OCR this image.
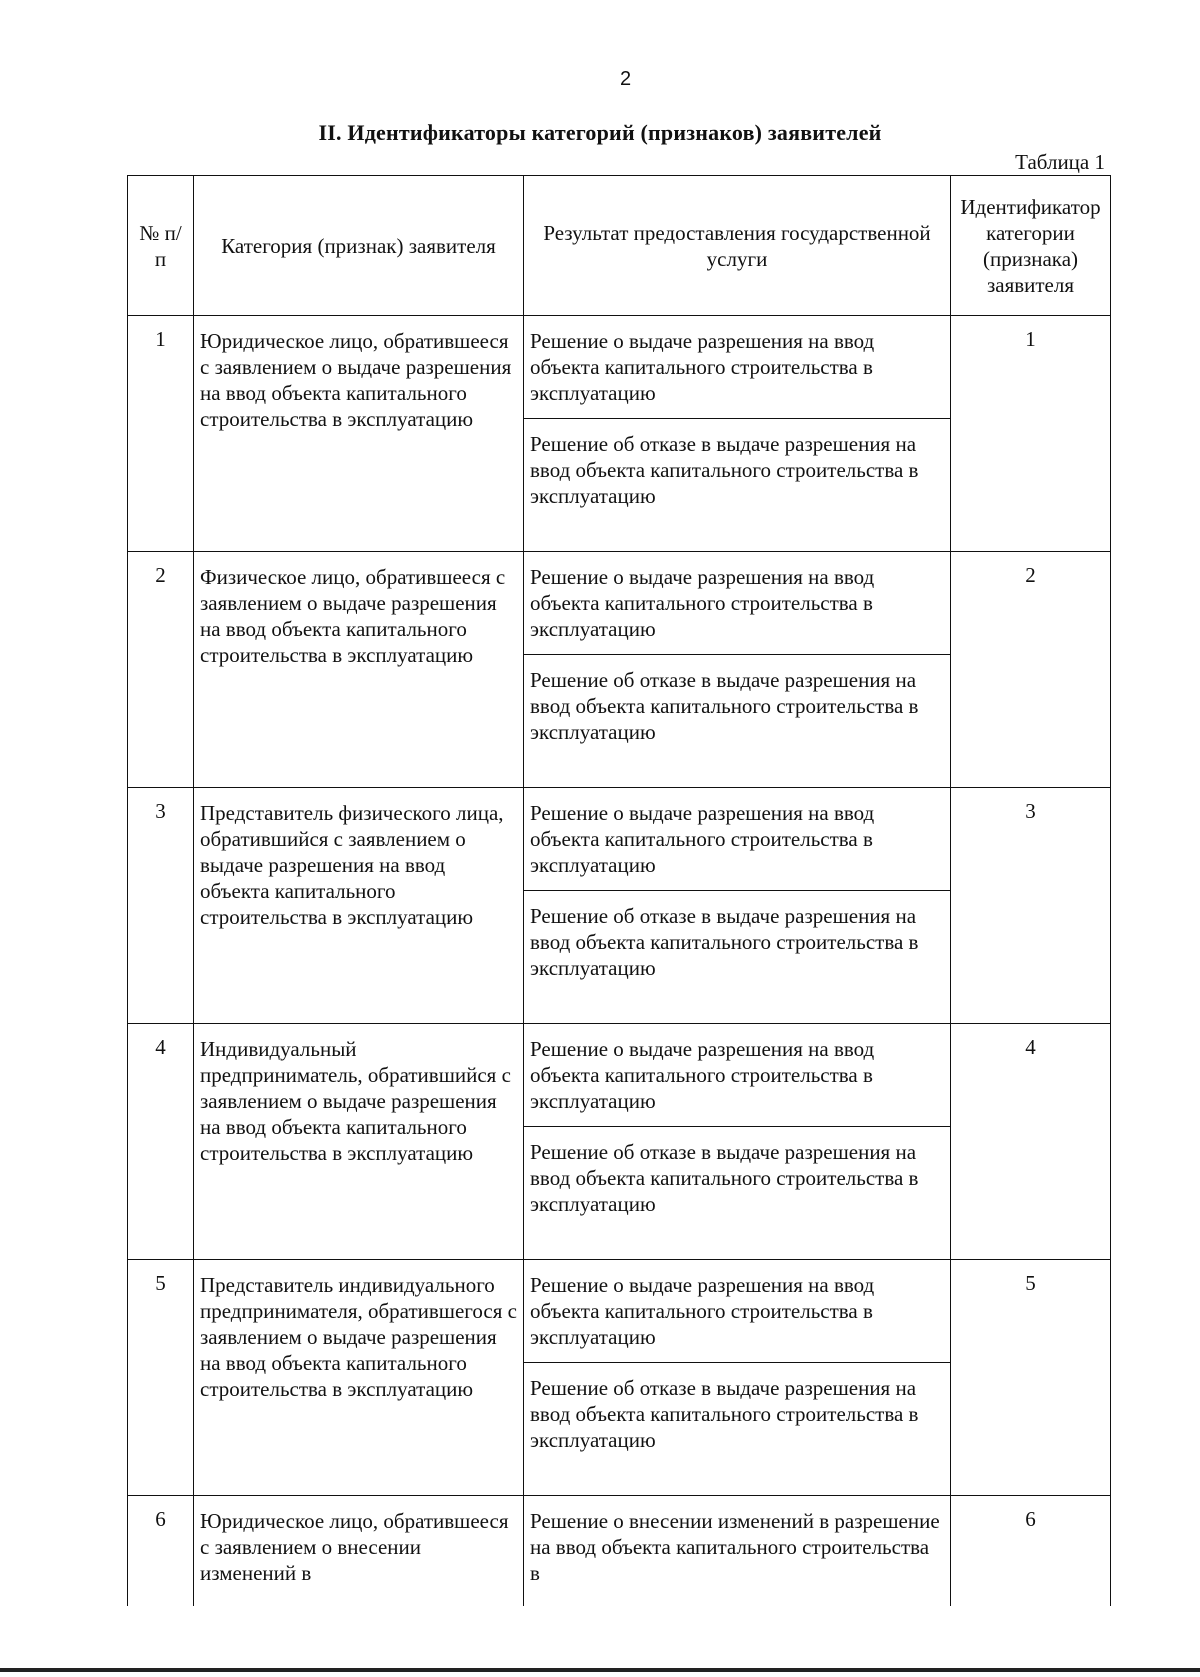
2
II. Идентификаторы категорий (признаков) заявителей
Таблица 1
№ п/п	Категория (признак) заявителя	Результат предоставления государственной услуги	Идентификатор категории (признака) заявителя
1	Юридическое лицо, обратившееся с заявлением о выдаче разрешения на ввод объекта капитального строительства в эксплуатацию	Решение о выдаче разрешения на ввод объекта капитального строительства в эксплуатацию	1
		Решение об отказе в выдаче разрешения на ввод объекта капитального строительства в эксплуатацию	
2	Физическое лицо, обратившееся с заявлением о выдаче разрешения на ввод объекта капитального строительства в эксплуатацию	Решение о выдаче разрешения на ввод объекта капитального строительства в эксплуатацию	2
		Решение об отказе в выдаче разрешения на ввод объекта капитального строительства в эксплуатацию	
3	Представитель физического лица, обратившийся с заявлением о выдаче разрешения на ввод объекта капитального строительства в эксплуатацию	Решение о выдаче разрешения на ввод объекта капитального строительства в эксплуатацию	3
		Решение об отказе в выдаче разрешения на ввод объекта капитального строительства в эксплуатацию	
4	Индивидуальный предприниматель, обратившийся с заявлением о выдаче разрешения на ввод объекта капитального строительства в эксплуатацию	Решение о выдаче разрешения на ввод объекта капитального строительства в эксплуатацию	4
		Решение об отказе в выдаче разрешения на ввод объекта капитального строительства в эксплуатацию	
5	Представитель индивидуального предпринимателя, обратившегося с заявлением о выдаче разрешения на ввод объекта капитального строительства в эксплуатацию	Решение о выдаче разрешения на ввод объекта капитального строительства в эксплуатацию	5
		Решение об отказе в выдаче разрешения на ввод объекта капитального строительства в эксплуатацию	
6	Юридическое лицо, обратившееся с заявлением о внесении изменений в	Решение о внесении изменений в разрешение на ввод объекта капитального строительства в	6
